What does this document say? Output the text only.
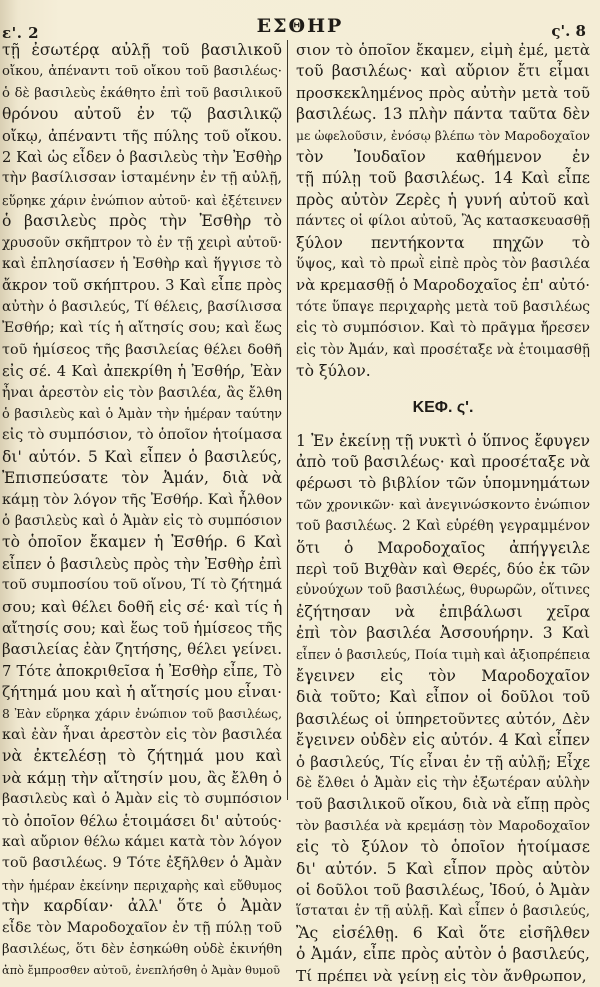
ε'. 2	ΕΣΘΗΡ	ς'. 8
τῇ ἐσωτέρᾳ αὐλῇ τοῦ βασιλικοῦ
οἴκου, ἀπέναντι τοῦ οἴκου τοῦ βασιλέως·
ὁ δὲ βασιλεὺς ἐκάθητο ἐπὶ τοῦ βασιλικοῦ
θρόνου αὐτοῦ ἐν τῷ βασιλικῷ
οἴκῳ, ἀπέναντι τῆς πύλης τοῦ οἴκου.
2 Καὶ ὡς εἶδεν ὁ βασιλεὺς τὴν Ἐσθὴρ
τὴν βασίλισσαν ἱσταμένην ἐν τῇ αὐλῇ,
εὕρηκε χάριν ἐνώπιον αὐτοῦ· καὶ ἐξέτεινεν
ὁ βασιλεὺς πρὸς τὴν Ἐσθὴρ τὸ
χρυσοῦν σκῆπτρον τὸ ἐν τῇ χειρὶ αὐτοῦ·
καὶ ἐπλησίασεν ἡ Ἐσθὴρ καὶ ἥγγισε τὸ
ἄκρον τοῦ σκήπτρου. 3 Καὶ εἶπε πρὸς
αὐτὴν ὁ βασιλεύς, Τί θέλεις, βασίλισσα
Ἐσθήρ; καὶ τίς ἡ αἴτησίς σου; καὶ ἕως
τοῦ ἡμίσεος τῆς βασιλείας θέλει δοθῆ
εἰς σέ. 4 Καὶ ἀπεκρίθη ἡ Ἐσθήρ, Ἐὰν
ἦναι ἀρεστὸν εἰς τὸν βασιλέα, ἂς ἔλθη
ὁ βασιλεὺς καὶ ὁ Ἀμὰν τὴν ἡμέραν ταύτην
εἰς τὸ συμπόσιον, τὸ ὁποῖον ἡτοίμασα
δι' αὐτόν. 5 Καὶ εἶπεν ὁ βασιλεύς,
Ἐπισπεύσατε τὸν Ἀμάν, διὰ νὰ
κάμῃ τὸν λόγον τῆς Ἐσθήρ. Καὶ ἦλθον
ὁ βασιλεὺς καὶ ὁ Ἀμὰν εἰς τὸ συμπόσιον
τὸ ὁποῖον ἔκαμεν ἡ Ἐσθήρ. 6 Καὶ
εἶπεν ὁ βασιλεὺς πρὸς τὴν Ἐσθὴρ ἐπὶ
τοῦ συμποσίου τοῦ οἴνου, Τί τὸ ζήτημά
σου; καὶ θέλει δοθῆ εἰς σέ· καὶ τίς ἡ
αἴτησίς σου; καὶ ἕως τοῦ ἡμίσεος τῆς
βασιλείας ἐὰν ζητήσης, θέλει γείνει.
7 Τότε ἀποκριθεῖσα ἡ Ἐσθὴρ εἶπε, Τὸ
ζήτημά μου καὶ ἡ αἴτησίς μου εἶναι·
8 Ἐὰν εὕρηκα χάριν ἐνώπιον τοῦ βασιλέως,
καὶ ἐὰν ἦναι ἀρεστὸν εἰς τὸν βασιλέα
νὰ ἐκτελέσῃ τὸ ζήτημά μου καὶ
νὰ κάμῃ τὴν αἴτησίν μου, ἂς ἔλθη ὁ
βασιλεὺς καὶ ὁ Ἀμὰν εἰς τὸ συμπόσιον
τὸ ὁποῖον θέλω ἑτοιμάσει δι' αὐτούς·
καὶ αὔριον θέλω κάμει κατὰ τὸν λόγον
τοῦ βασιλέως. 9 Τότε ἐξῆλθεν ὁ Ἀμὰν
τὴν ἡμέραν ἐκείνην περιχαρὴς καὶ εὔθυμος
τὴν καρδίαν· ἀλλ' ὅτε ὁ Ἀμὰν
εἶδε τὸν Μαροδοχαῖον ἐν τῇ πύλῃ τοῦ
βασιλέως, ὅτι δὲν ἐσηκώθη οὐδὲ ἐκινήθη
ἀπὸ ἔμπροσθεν αὐτοῦ, ἐνεπλήσθη ὁ Ἀμὰν θυμοῦ
σιον τὸ ὁποῖον ἔκαμεν, εἰμὴ ἐμέ, μετὰ
τοῦ βασιλέως· καὶ αὔριον ἔτι εἶμαι
προσκεκλημένος πρὸς αὐτὴν μετὰ τοῦ
βασιλέως. 13 πλὴν πάντα ταῦτα δὲν
με ὠφελοῦσιν, ἐνόσῳ βλέπω τὸν Μαροδοχαῖον
τὸν Ἰουδαῖον καθήμενον ἐν
τῇ πύλῃ τοῦ βασιλέως. 14 Καὶ εἶπε
πρὸς αὐτὸν Ζερὲς ἡ γυνή αὐτοῦ καὶ
πάντες οἱ φίλοι αὐτοῦ, Ἂς κατασκευασθῇ
ξύλον πεντήκοντα πηχῶν τὸ
ὕψος, καὶ τὸ πρωῒ εἰπὲ πρὸς τὸν βασιλέα
νὰ κρεμασθῇ ὁ Μαροδοχαῖος ἐπ' αὐτό·
τότε ὕπαγε περιχαρὴς μετὰ τοῦ βασιλέως
εἰς τὸ συμπόσιον. Καὶ τὸ πρᾶγμα ἤρεσεν
εἰς τὸν Ἀμάν, καὶ προσέταξε νὰ ἑτοιμασθῇ
τὸ ξύλον.
ΚΕΦ. ς'.
1 Ἐν ἐκείνῃ τῇ νυκτὶ ὁ ὕπνος ἔφυγεν
ἀπὸ τοῦ βασιλέως· καὶ προσέταξε νὰ
φέρωσι τὸ βιβλίον τῶν ὑπομνημάτων
τῶν χρονικῶν· καὶ ἀνεγινώσκοντο ἐνώπιον
τοῦ βασιλέως. 2 Καὶ εὑρέθη γεγραμμένον
ὅτι ὁ Μαροδοχαῖος ἀπήγγειλε
περὶ τοῦ Βιχθὰν καὶ Θερές, δύο ἐκ τῶν
εὐνούχων τοῦ βασιλέως, θυρωρῶν, οἵτινες
ἐζήτησαν νὰ ἐπιβάλωσι χεῖρα
ἐπὶ τὸν βασιλέα Ἀσσουήρην. 3 Καὶ
εἶπεν ὁ βασιλεύς, Ποία τιμὴ καὶ ἀξιοπρέπεια
ἔγεινεν εἰς τὸν Μαροδοχαῖον
διὰ τοῦτο; Καὶ εἶπον οἱ δοῦλοι τοῦ
βασιλέως οἱ ὑπηρετοῦντες αὐτόν, Δὲν
ἔγεινεν οὐδὲν εἰς αὐτόν. 4 Καὶ εἶπεν
ὁ βασιλεύς, Τίς εἶναι ἐν τῇ αὐλῇ; Εἶχε
δὲ ἔλθει ὁ Ἀμὰν εἰς τὴν ἐξωτέραν αὐλὴν
τοῦ βασιλικοῦ οἴκου, διὰ νὰ εἴπῃ πρὸς
τὸν βασιλέα νὰ κρεμάσῃ τὸν Μαροδοχαῖον
εἰς τὸ ξύλον τὸ ὁποῖον ἡτοίμασε
δι' αὐτόν. 5 Καὶ εἶπον πρὸς αὐτὸν
οἱ δοῦλοι τοῦ βασιλέως, Ἰδού, ὁ Ἀμὰν
ἵσταται ἐν τῇ αὐλῇ. Καὶ εἶπεν ὁ βασιλεύς,
Ἂς εἰσέλθῃ. 6 Καὶ ὅτε εἰσῆλθεν
ὁ Ἀμάν, εἶπε πρὸς αὐτὸν ὁ βασιλεύς,
Τί πρέπει νὰ γείνῃ εἰς τὸν ἄνθρωπον,
